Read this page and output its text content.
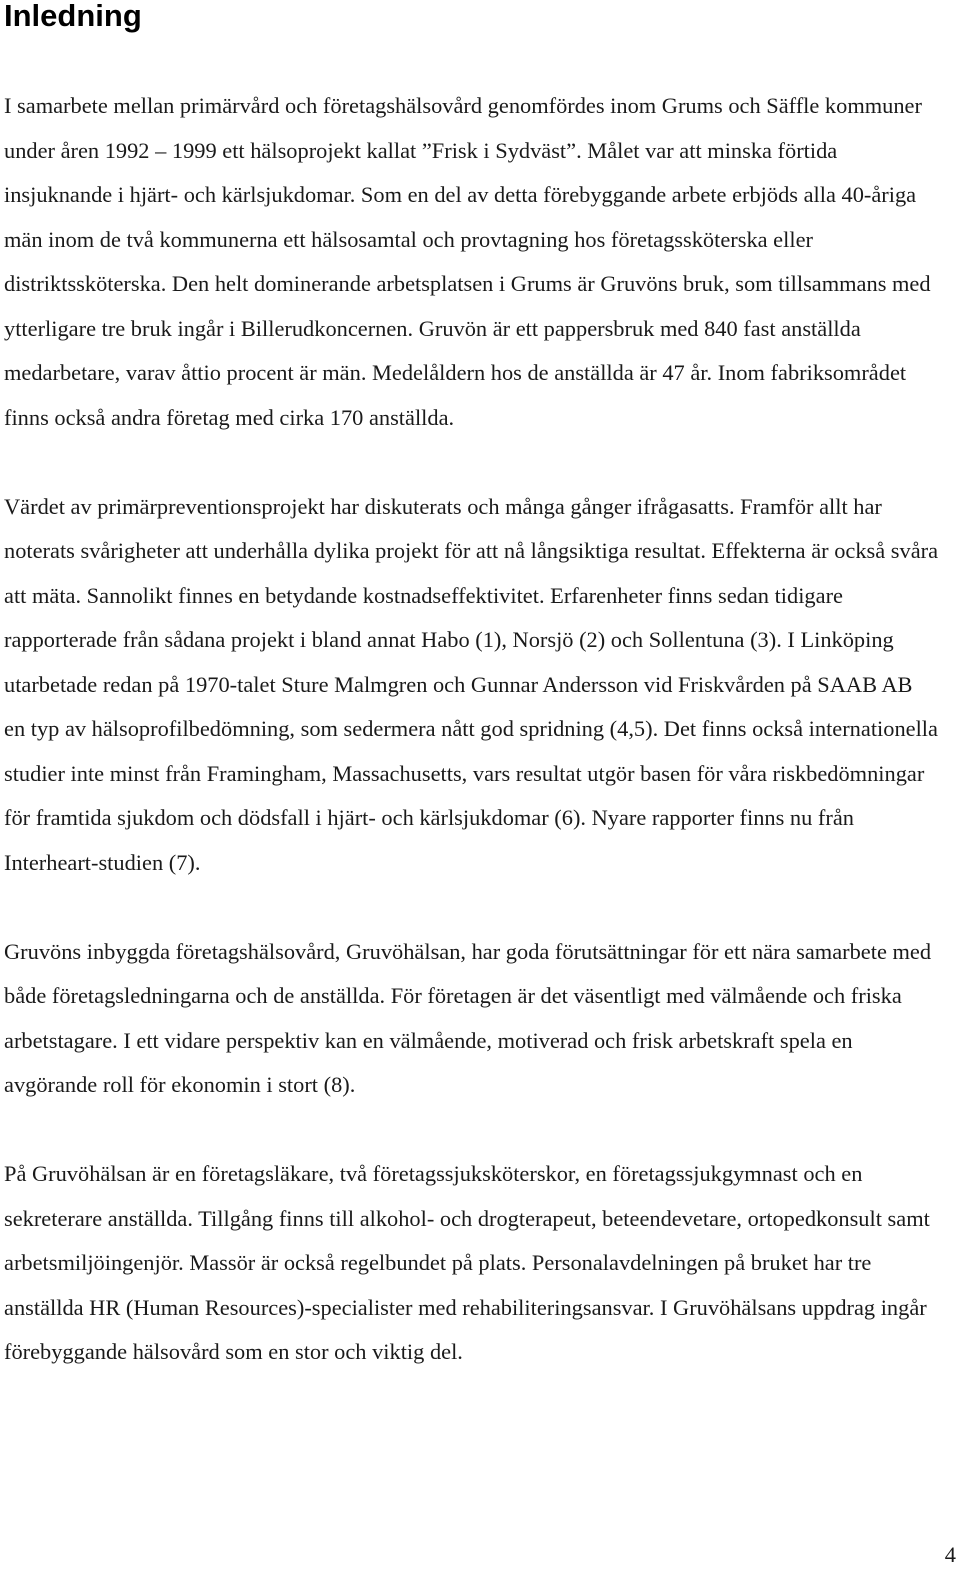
Inledning

I samarbete mellan primärvård och företagshälsovård genomfördes inom Grums och Säffle kommuner under åren 1992 – 1999 ett hälsoprojekt kallat ”Frisk i Sydväst”. Målet var att minska förtida insjuknande i hjärt- och kärlsjukdomar. Som en del av detta förebyggande arbete erbjöds alla 40-åriga män inom de två kommunerna ett hälsosamtal och provtagning hos företagssköterska eller distriktssköterska. Den helt dominerande arbetsplatsen i Grums är Gruvöns bruk, som tillsammans med ytterligare tre bruk ingår i Billerudkoncernen. Gruvön är ett pappersbruk med 840 fast anställda medarbetare, varav åttio procent är män. Medelåldern hos de anställda är 47 år. Inom fabriksområdet finns också andra företag med cirka 170 anställda.

Värdet av primärpreventionsprojekt har diskuterats och många gånger ifrågasatts. Framför allt har noterats svårigheter att underhålla dylika projekt för att nå långsiktiga resultat. Effekterna är också svåra att mäta. Sannolikt finnes en betydande kostnadseffektivitet. Erfarenheter finns sedan tidigare rapporterade från sådana projekt i bland annat Habo (1), Norsjö (2) och Sollentuna (3). I Linköping utarbetade redan på 1970-talet Sture Malmgren och Gunnar Andersson vid Friskvården på SAAB AB en typ av hälsoprofilbedömning, som sedermera nått god spridning (4,5). Det finns också internationella studier inte minst från Framingham, Massachusetts, vars resultat utgör basen för våra riskbedömningar för framtida sjukdom och dödsfall i hjärt- och kärlsjukdomar (6). Nyare rapporter finns nu från Interheart-studien (7).

Gruvöns inbyggda företagshälsovård, Gruvöhälsan, har goda förutsättningar för ett nära samarbete med både företagsledningarna och de anställda. För företagen är det väsentligt med välmående och friska arbetstagare. I ett vidare perspektiv kan en välmående, motiverad och frisk arbetskraft spela en avgörande roll för ekonomin i stort (8).

På Gruvöhälsan är en företagsläkare, två företagssjuksköterskor, en företagssjukgymnast och en sekreterare anställda. Tillgång finns till alkohol- och drogterapeut, beteendevetare, ortopedkonsult samt arbetsmiljöingenjör. Massör är också regelbundet på plats. Personalavdelningen på bruket har tre anställda HR (Human Resources)-specialister med rehabiliteringsansvar. I Gruvöhälsans uppdrag ingår förebyggande hälsovård som en stor och viktig del.

4
